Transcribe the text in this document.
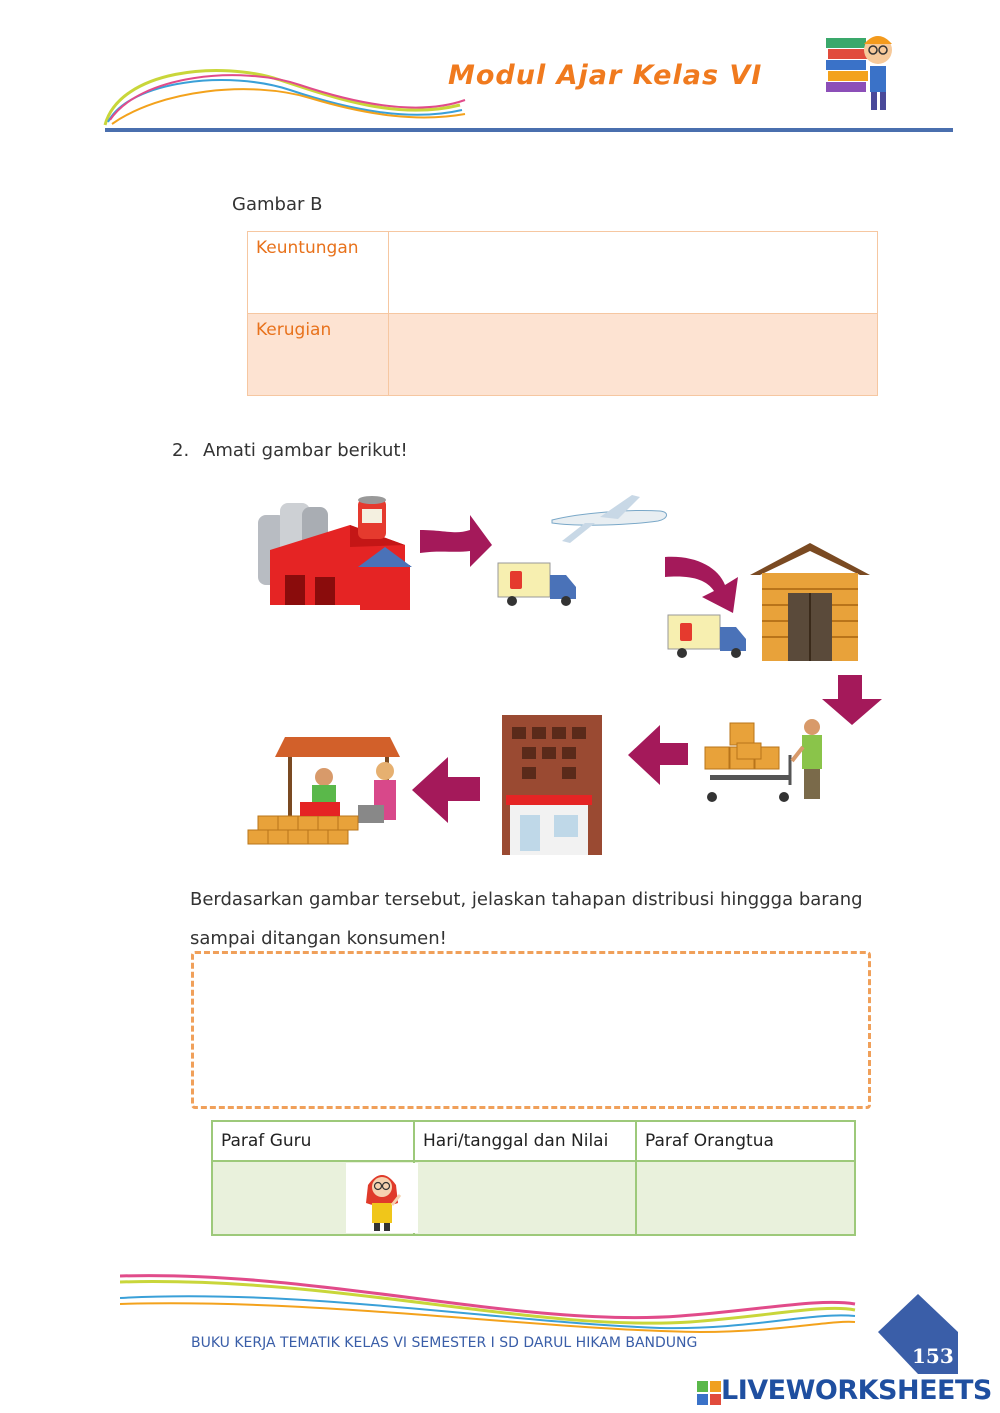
Modul Ajar Kelas VI
Gambar B
Keuntungan	
Kerugian	
2. Amati gambar berikut!
Berdasarkan gambar tersebut, jelaskan tahapan distribusi hinggga barang sampai ditangan konsumen!
Paraf Guru	Hari/tanggal dan Nilai	Paraf Orangtua

BUKU KERJA TEMATIK KELAS VI SEMESTER I SD DARUL HIKAM BANDUNG
153
LIVEWORKSHEETS
